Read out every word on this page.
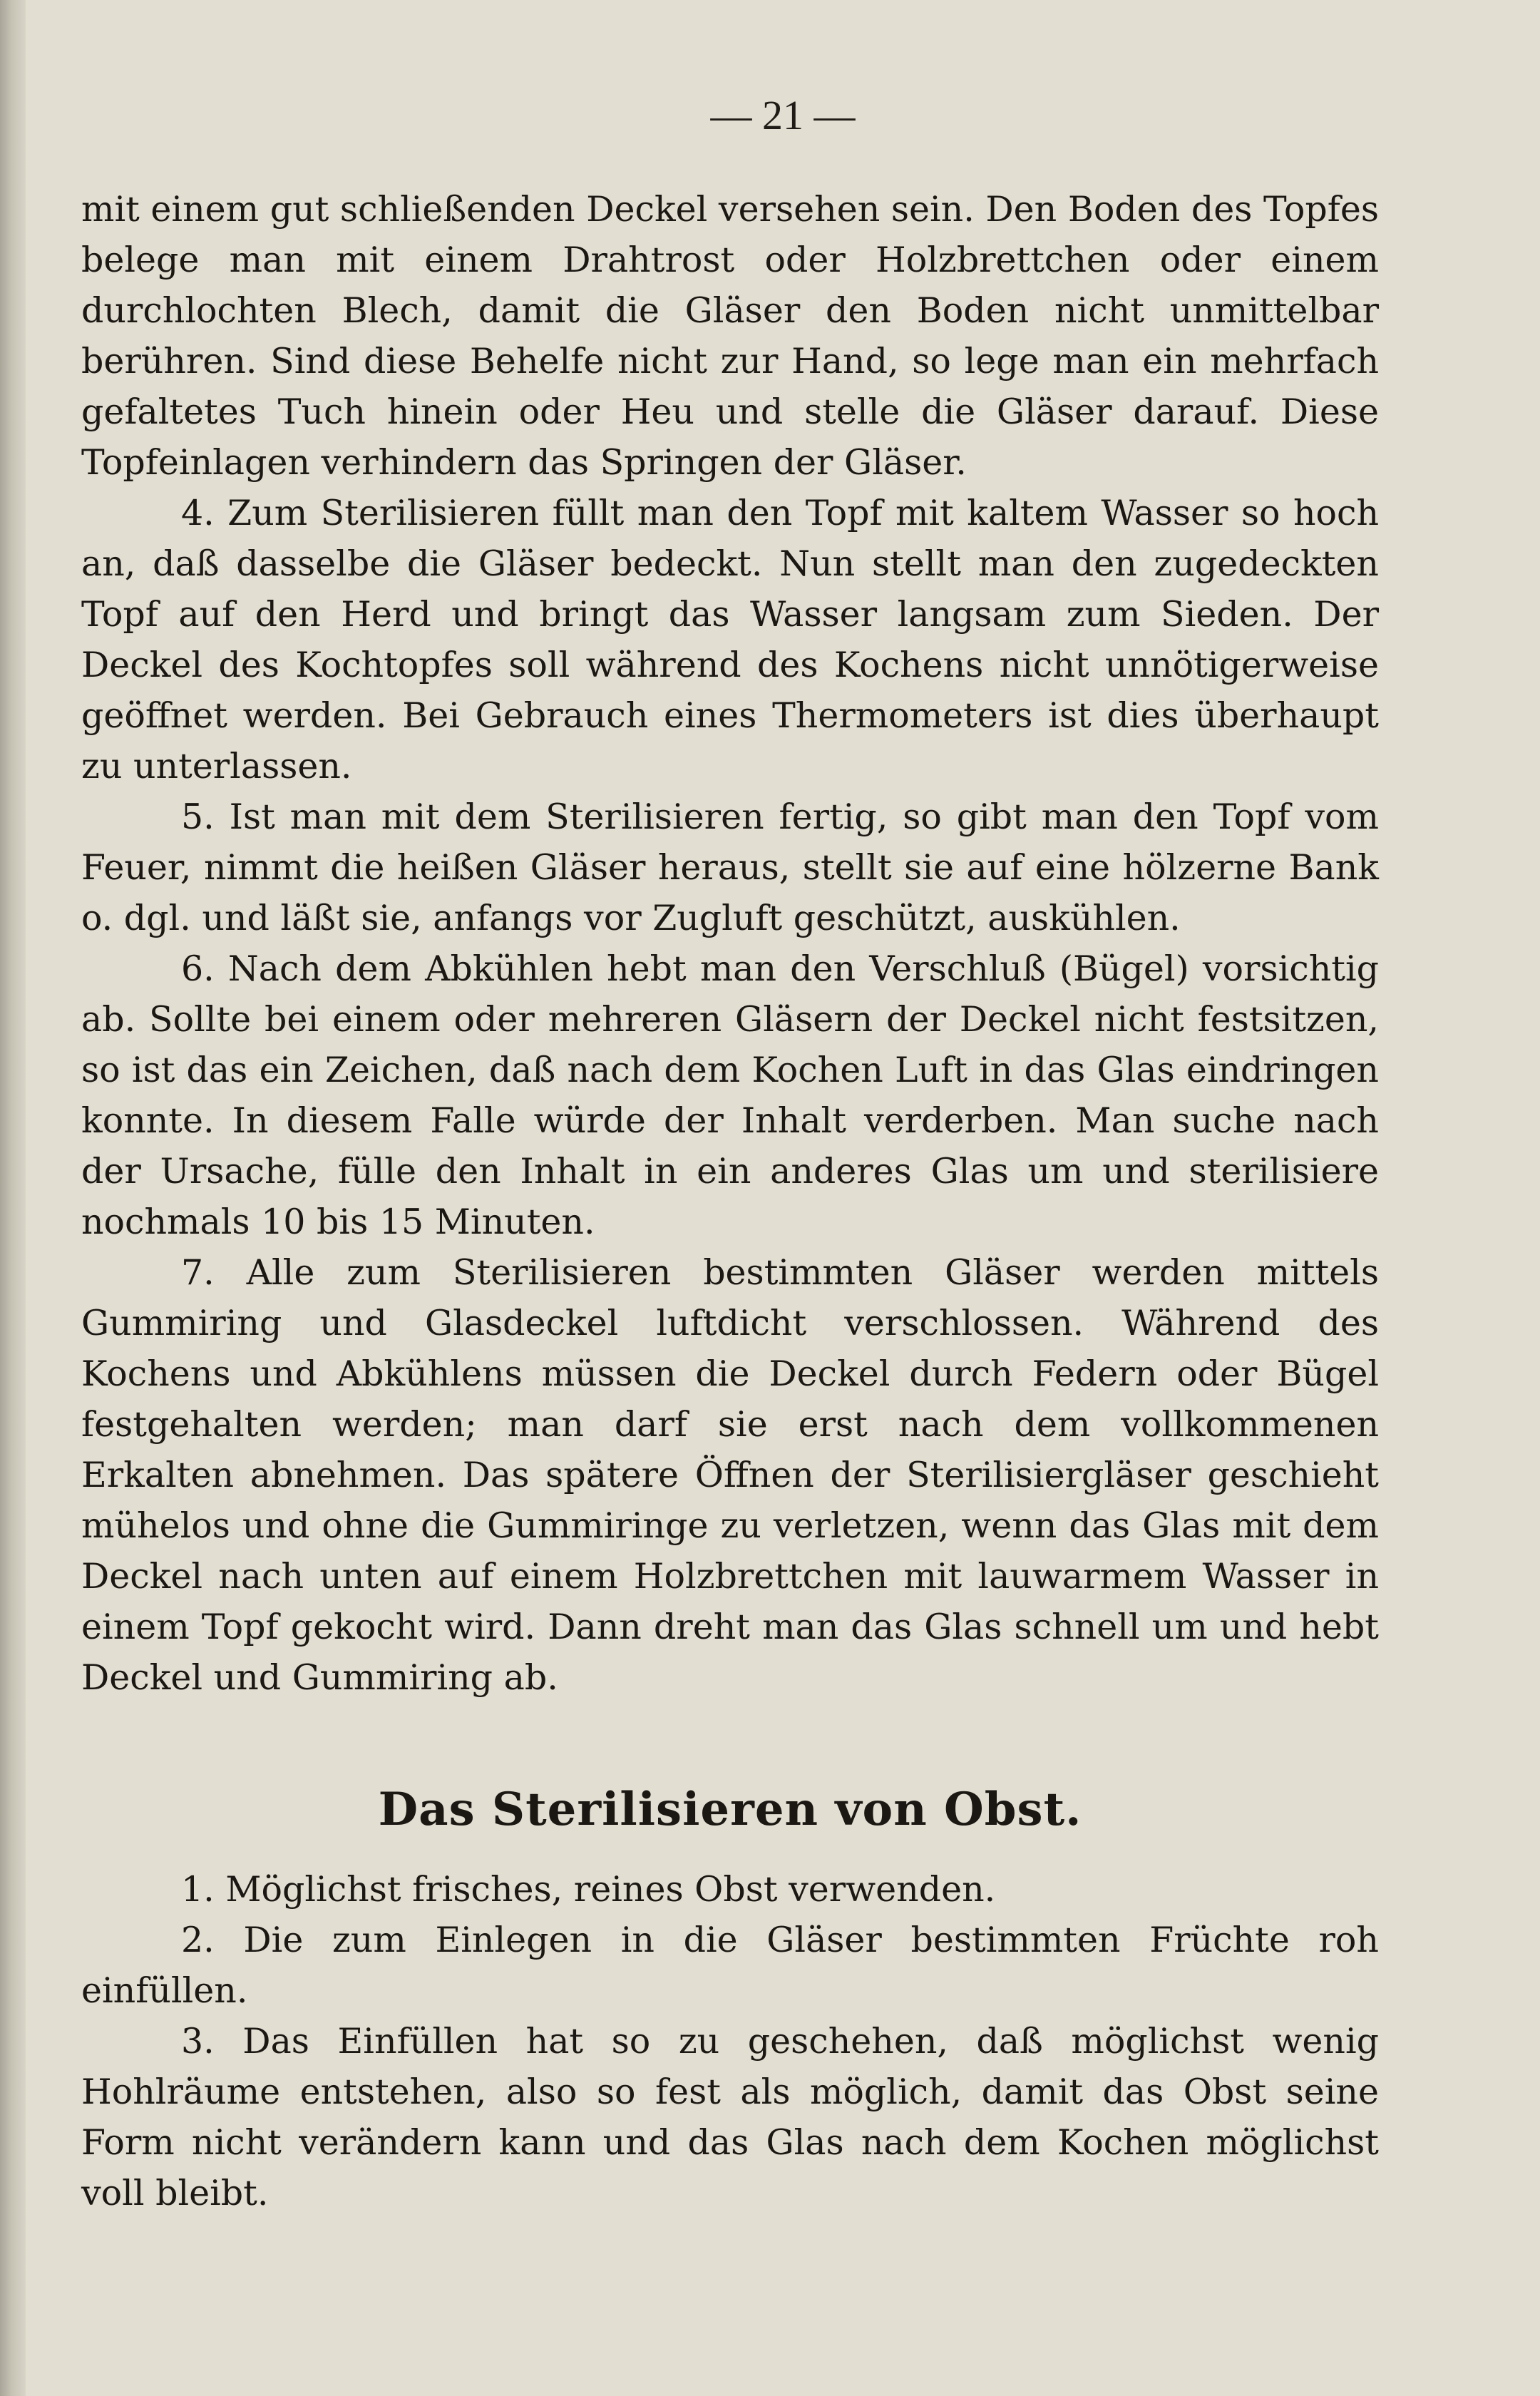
— 21 —

mit einem gut schließenden Deckel versehen sein. Den Boden des Topfes belege man mit einem Drahtrost oder Holzbrettchen oder einem durchlochten Blech, damit die Gläser den Boden nicht unmittelbar berühren. Sind diese Behelfe nicht zur Hand, so lege man ein mehrfach gefaltetes Tuch hinein oder Heu und stelle die Gläser darauf. Diese Topfeinlagen verhindern das Springen der Gläser.

4. Zum Sterilisieren füllt man den Topf mit kaltem Wasser so hoch an, daß dasselbe die Gläser bedeckt. Nun stellt man den zugedeckten Topf auf den Herd und bringt das Wasser langsam zum Sieden. Der Deckel des Kochtopfes soll während des Kochens nicht unnötigerweise geöffnet werden. Bei Gebrauch eines Thermometers ist dies überhaupt zu unterlassen.

5. Ist man mit dem Sterilisieren fertig, so gibt man den Topf vom Feuer, nimmt die heißen Gläser heraus, stellt sie auf eine hölzerne Bank o. dgl. und läßt sie, anfangs vor Zugluft geschützt, auskühlen.

6. Nach dem Abkühlen hebt man den Verschluß (Bügel) vorsichtig ab. Sollte bei einem oder mehreren Gläsern der Deckel nicht festsitzen, so ist das ein Zeichen, daß nach dem Kochen Luft in das Glas eindringen konnte. In diesem Falle würde der Inhalt verderben. Man suche nach der Ursache, fülle den Inhalt in ein anderes Glas um und sterilisiere nochmals 10 bis 15 Minuten.

7. Alle zum Sterilisieren bestimmten Gläser werden mittels Gummiring und Glasdeckel luftdicht verschlossen. Während des Kochens und Abkühlens müssen die Deckel durch Federn oder Bügel festgehalten werden; man darf sie erst nach dem vollkommenen Erkalten abnehmen. Das spätere Öffnen der Sterilisiergläser geschieht mühelos und ohne die Gummiringe zu verletzen, wenn das Glas mit dem Deckel nach unten auf einem Holzbrettchen mit lauwarmem Wasser in einem Topf gekocht wird. Dann dreht man das Glas schnell um und hebt Deckel und Gummiring ab.

Das Sterilisieren von Obst.

1. Möglichst frisches, reines Obst verwenden.

2. Die zum Einlegen in die Gläser bestimmten Früchte roh einfüllen.

3. Das Einfüllen hat so zu geschehen, daß möglichst wenig Hohlräume entstehen, also so fest als möglich, damit das Obst seine Form nicht verändern kann und das Glas nach dem Kochen möglichst voll bleibt.
